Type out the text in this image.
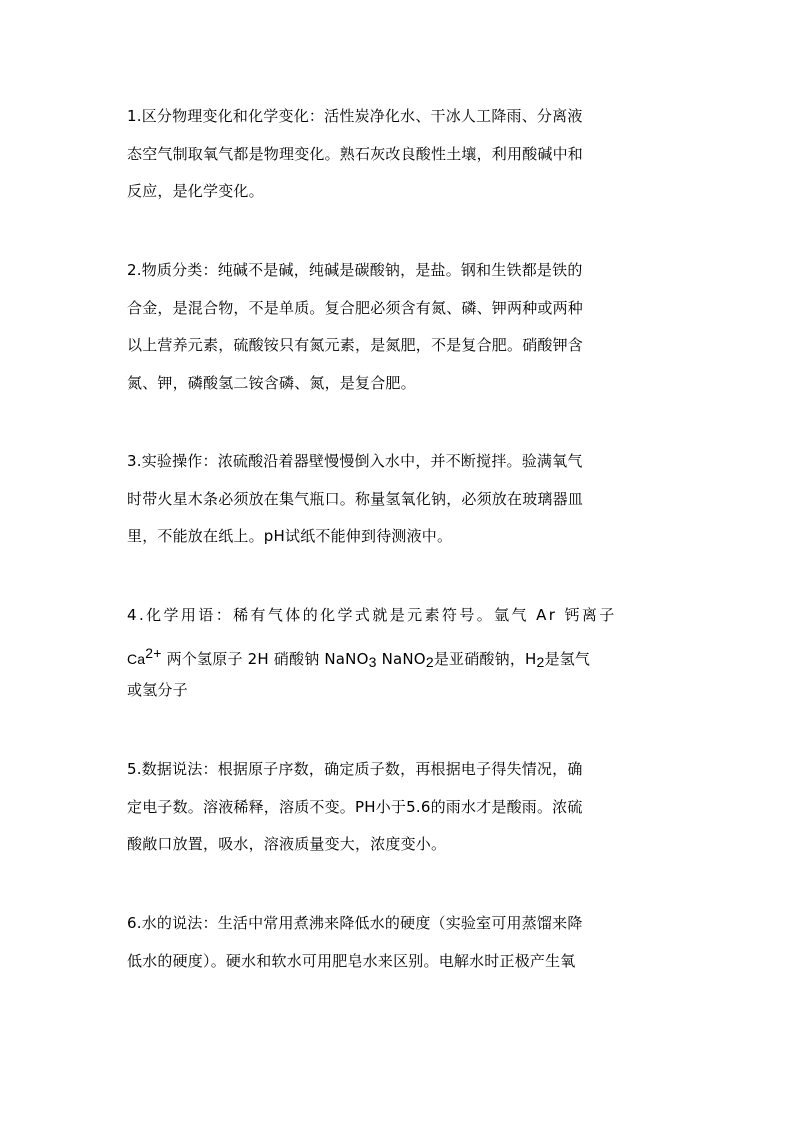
1.区分物理变化和化学变化：活性炭净化水、干冰人工降雨、分离液
态空气制取氧气都是物理变化。熟石灰改良酸性土壤，利用酸碱中和
反应，是化学变化。

2.物质分类：纯碱不是碱，纯碱是碳酸钠，是盐。钢和生铁都是铁的
合金，是混合物，不是单质。复合肥必须含有氮、磷、钾两种或两种
以上营养元素，硫酸铵只有氮元素，是氮肥，不是复合肥。硝酸钾含
氮、钾，磷酸氢二铵含磷、氮，是复合肥。

3.实验操作：浓硫酸沿着器壁慢慢倒入水中，并不断搅拌。验满氧气
时带火星木条必须放在集气瓶口。称量氢氧化钠，必须放在玻璃器皿
里，不能放在纸上。pH试纸不能伸到待测液中。

4.化学用语：稀有气体的化学式就是元素符号。氩气 Ar 钙离子
$Ca^{2+}$ 两个氢原子 2H 硝酸钠 NaNO$_3$ NaNO$_2$是亚硝酸钠，$H_2$是氢气
或氢分子

5.数据说法：根据原子序数，确定质子数，再根据电子得失情况，确
定电子数。溶液稀释，溶质不变。PH小于5.6的雨水才是酸雨。浓硫
酸敞口放置，吸水，溶液质量变大，浓度变小。

6.水的说法：生活中常用煮沸来降低水的硬度（实验室可用蒸馏来降
低水的硬度）。硬水和软水可用肥皂水来区别。电解水时正极产生氧
